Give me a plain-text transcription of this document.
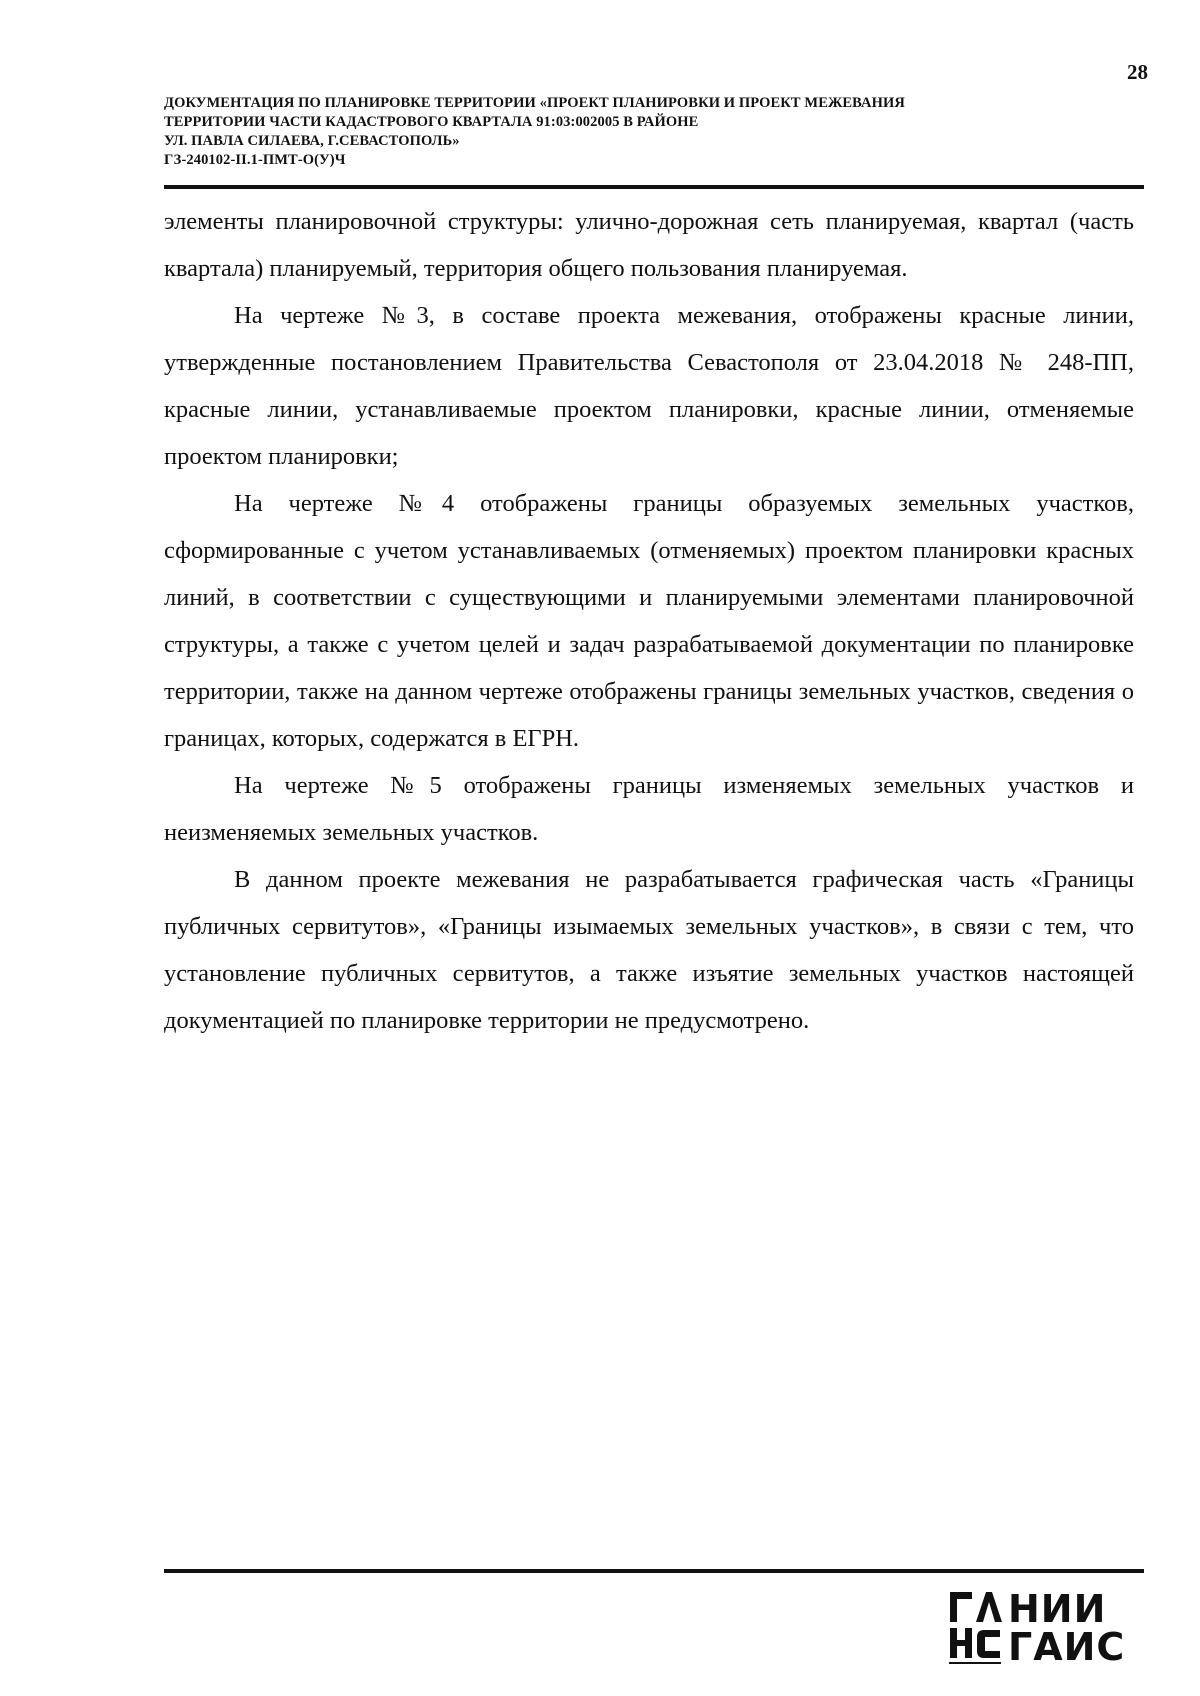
28
ДОКУМЕНТАЦИЯ ПО ПЛАНИРОВКЕ ТЕРРИТОРИИ «ПРОЕКТ ПЛАНИРОВКИ И ПРОЕКТ МЕЖЕВАНИЯ
ТЕРРИТОРИИ ЧАСТИ КАДАСТРОВОГО КВАРТАЛА 91:03:002005 В РАЙОНЕ
УЛ. ПАВЛА СИЛАЕВА, Г.СЕВАСТОПОЛЬ»
ГЗ-240102-II.1-ПМТ-О(У)Ч

элементы планировочной структуры: улично-дорожная сеть планируемая, квартал (часть квартала) планируемый, территория общего пользования планируемая.

На чертеже №3, в составе проекта межевания, отображены красные линии, утвержденные постановлением Правительства Севастополя от 23.04.2018 № 248-ПП, красные линии, устанавливаемые проектом планировки, красные линии, отменяемые проектом планировки;

На чертеже №4 отображены границы образуемых земельных участков, сформированные с учетом устанавливаемых (отменяемых) проектом планировки красных линий, в соответствии с существующими и планируемыми элементами планировочной структуры, а также с учетом целей и задач разрабатываемой документации по планировке территории, также на данном чертеже отображены границы земельных участков, сведения о границах, которых, содержатся в ЕГРН.

На чертеже №5 отображены границы изменяемых земельных участков и неизменяемых земельных участков.

В данном проекте межевания не разрабатывается графическая часть «Границы публичных сервитутов», «Границы изымаемых земельных участков», в связи с тем, что установление публичных сервитутов, а также изъятие земельных участков настоящей документацией по планировке территории не предусмотрено.

НИИ
ГАИС
